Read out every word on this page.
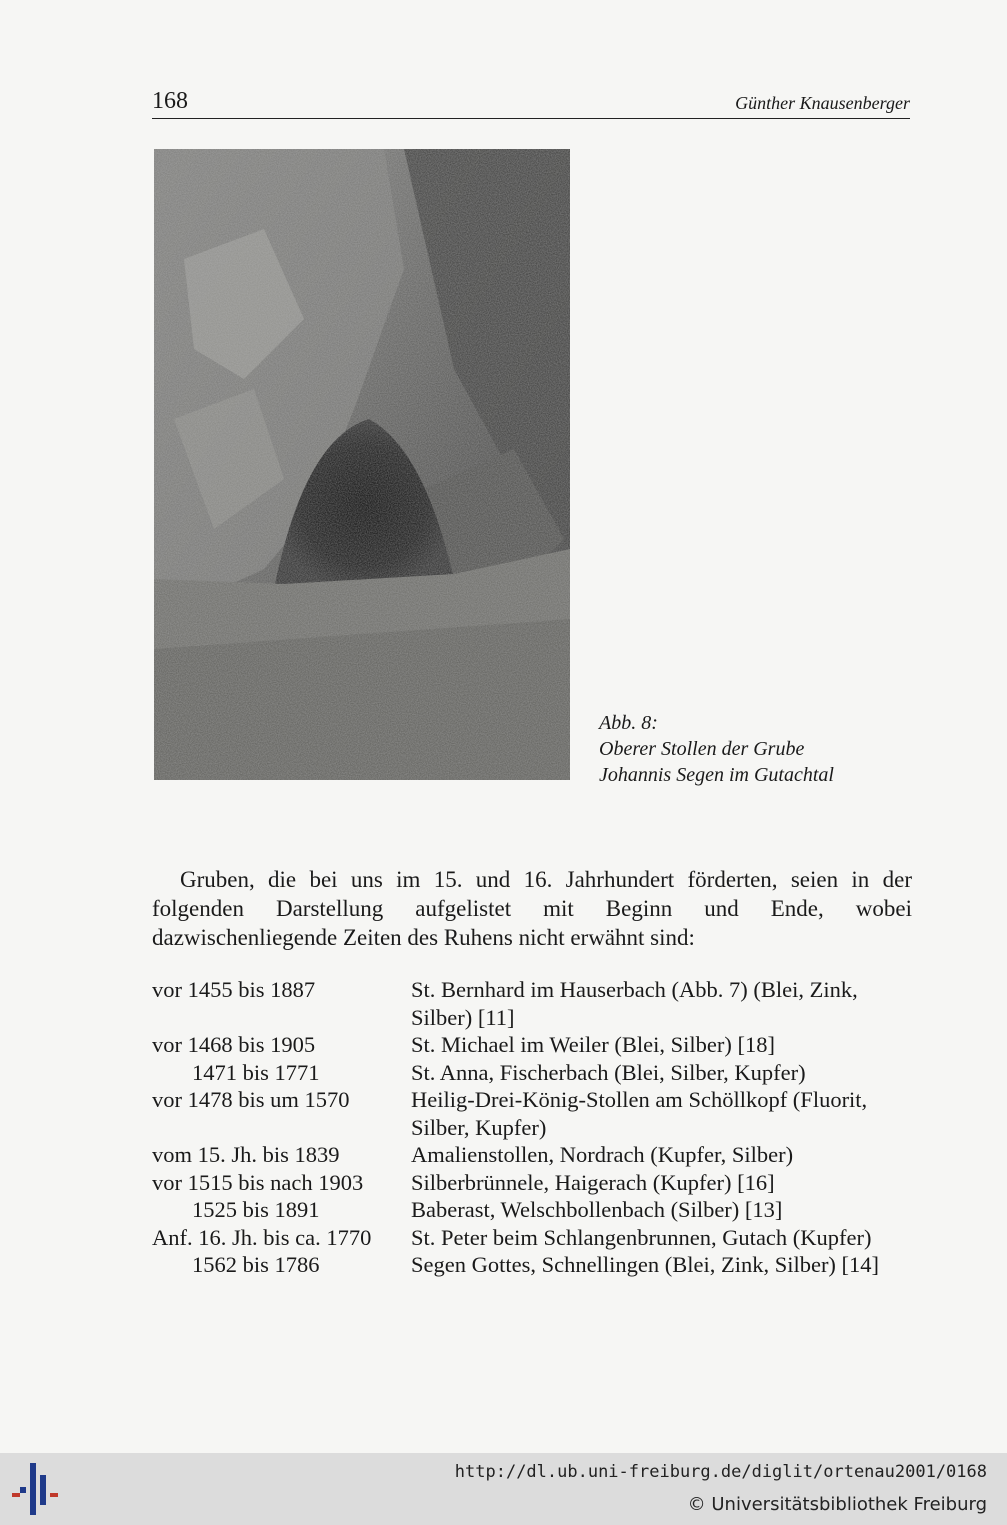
168	Günther Knausenberger
Abb. 8:
Oberer Stollen der Grube
Johannis Segen im Gutachtal
Gruben, die bei uns im 15. und 16. Jahrhundert förderten, seien in der folgenden Darstellung aufgelistet mit Beginn und Ende, wobei dazwischenliegende Zeiten des Ruhens nicht erwähnt sind:
vor 1455 bis 1887	St. Bernhard im Hauserbach (Abb. 7) (Blei, Zink, Silber) [11]
vor 1468 bis 1905	St. Michael im Weiler (Blei, Silber) [18]
1471 bis 1771	St. Anna, Fischerbach (Blei, Silber, Kupfer)
vor 1478 bis um 1570	Heilig-Drei-König-Stollen am Schöllkopf (Fluorit, Silber, Kupfer)
vom 15. Jh. bis 1839	Amalienstollen, Nordrach (Kupfer, Silber)
vor 1515 bis nach 1903	Silberbrünnele, Haigerach (Kupfer) [16]
1525 bis 1891	Baberast, Welschbollenbach (Silber) [13]
Anf. 16. Jh. bis ca. 1770	St. Peter beim Schlangenbrunnen, Gutach (Kupfer)
1562 bis 1786	Segen Gottes, Schnellingen (Blei, Zink, Silber) [14]
http://dl.ub.uni-freiburg.de/diglit/ortenau2001/0168
© Universitätsbibliothek Freiburg
